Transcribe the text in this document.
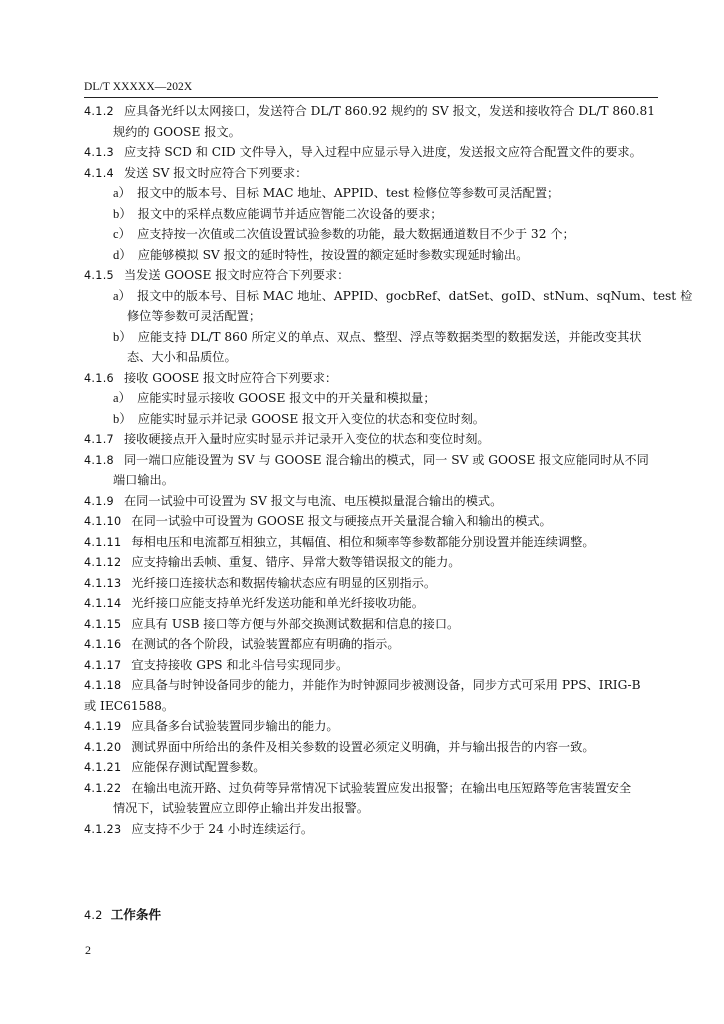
DL/T XXXXX—202X
4.1.2 应具备光纤以太网接口，发送符合 DL/T 860.92 规约的 SV 报文，发送和接收符合 DL/T 860.81
规约的 GOOSE 报文。
4.1.3 应支持 SCD 和 CID 文件导入，导入过程中应显示导入进度，发送报文应符合配置文件的要求。
4.1.4 发送 SV 报文时应符合下列要求：
a） 报文中的版本号、目标 MAC 地址、APPID、test 检修位等参数可灵活配置；
b） 报文中的采样点数应能调节并适应智能二次设备的要求；
c） 应支持按一次值或二次值设置试验参数的功能，最大数据通道数目不少于 32 个；
d） 应能够模拟 SV 报文的延时特性，按设置的额定延时参数实现延时输出。
4.1.5 当发送 GOOSE 报文时应符合下列要求：
a） 报文中的版本号、目标 MAC 地址、APPID、gocbRef、datSet、goID、stNum、sqNum、test 检
修位等参数可灵活配置；
b） 应能支持 DL/T 860 所定义的单点、双点、整型、浮点等数据类型的数据发送，并能改变其状
态、大小和品质位。
4.1.6 接收 GOOSE 报文时应符合下列要求：
a） 应能实时显示接收 GOOSE 报文中的开关量和模拟量；
b） 应能实时显示并记录 GOOSE 报文开入变位的状态和变位时刻。
4.1.7 接收硬接点开入量时应实时显示并记录开入变位的状态和变位时刻。
4.1.8 同一端口应能设置为 SV 与 GOOSE 混合输出的模式，同一 SV 或 GOOSE 报文应能同时从不同
端口输出。
4.1.9 在同一试验中可设置为 SV 报文与电流、电压模拟量混合输出的模式。
4.1.10 在同一试验中可设置为 GOOSE 报文与硬接点开关量混合输入和输出的模式。
4.1.11 每相电压和电流都互相独立，其幅值、相位和频率等参数都能分别设置并能连续调整。
4.1.12 应支持输出丢帧、重复、错序、异常大数等错误报文的能力。
4.1.13 光纤接口连接状态和数据传输状态应有明显的区别指示。
4.1.14 光纤接口应能支持单光纤发送功能和单光纤接收功能。
4.1.15 应具有 USB 接口等方便与外部交换测试数据和信息的接口。
4.1.16 在测试的各个阶段，试验装置都应有明确的指示。
4.1.17 宜支持接收 GPS 和北斗信号实现同步。
4.1.18 应具备与时钟设备同步的能力，并能作为时钟源同步被测设备，同步方式可采用 PPS、IRIG-B
或 IEC61588。
4.1.19 应具备多台试验装置同步输出的能力。
4.1.20 测试界面中所给出的条件及相关参数的设置必须定义明确，并与输出报告的内容一致。
4.1.21 应能保存测试配置参数。
4.1.22 在输出电流开路、过负荷等异常情况下试验装置应发出报警；在输出电压短路等危害装置安全
情况下，试验装置应立即停止输出并发出报警。
4.1.23 应支持不少于 24 小时连续运行。
4.2 工作条件
2
